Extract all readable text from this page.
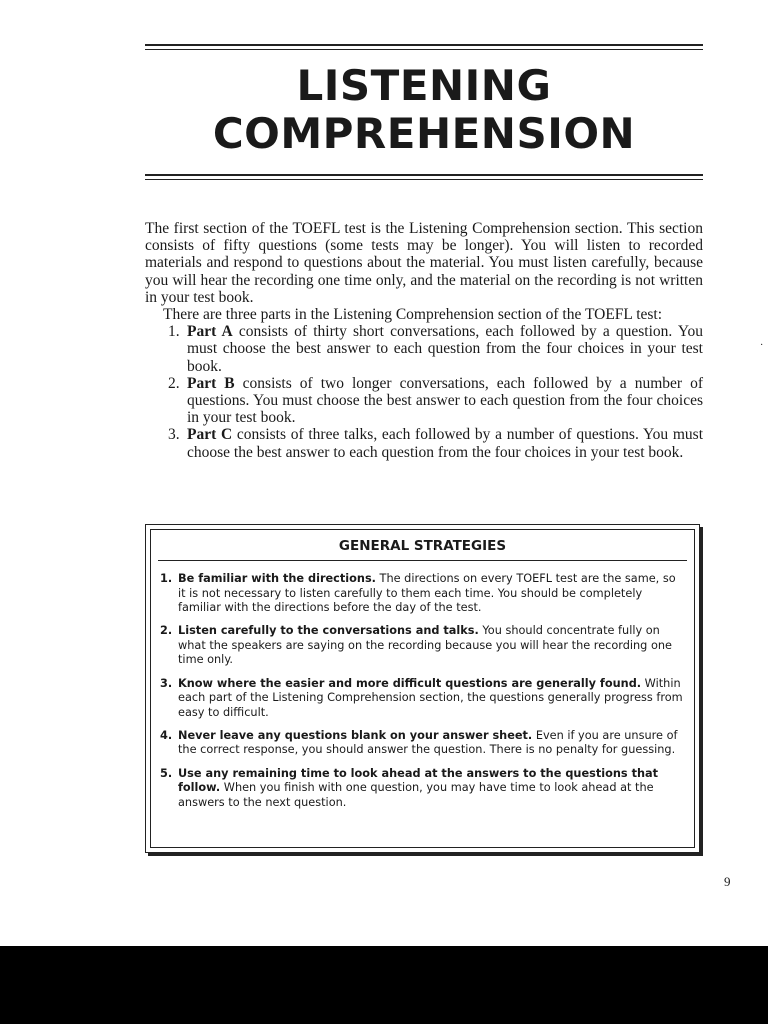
LISTENING
COMPREHENSION

The first section of the TOEFL test is the Listening Comprehension section. This section consists of fifty questions (some tests may be longer). You will listen to recorded materials and respond to questions about the material. You must listen carefully, because you will hear the recording one time only, and the material on the recording is not written in your test book.

There are three parts in the Listening Comprehension section of the TOEFL test:

1. Part A consists of thirty short conversations, each followed by a question. You must choose the best answer to each question from the four choices in your test book.
2. Part B consists of two longer conversations, each followed by a number of questions. You must choose the best answer to each question from the four choices in your test book.
3. Part C consists of three talks, each followed by a number of questions. You must choose the best answer to each question from the four choices in your test book.
GENERAL STRATEGIES
1. Be familiar with the directions. The directions on every TOEFL test are the same, so it is not necessary to listen carefully to them each time. You should be completely familiar with the directions before the day of the test.
2. Listen carefully to the conversations and talks. You should concentrate fully on what the speakers are saying on the recording because you will hear the recording one time only.
3. Know where the easier and more difficult questions are generally found. Within each part of the Listening Comprehension section, the questions generally progress from easy to difficult.
4. Never leave any questions blank on your answer sheet. Even if you are unsure of the correct response, you should answer the question. There is no penalty for guessing.
5. Use any remaining time to look ahead at the answers to the questions that follow. When you finish with one question, you may have time to look ahead at the answers to the next question.
·
9
